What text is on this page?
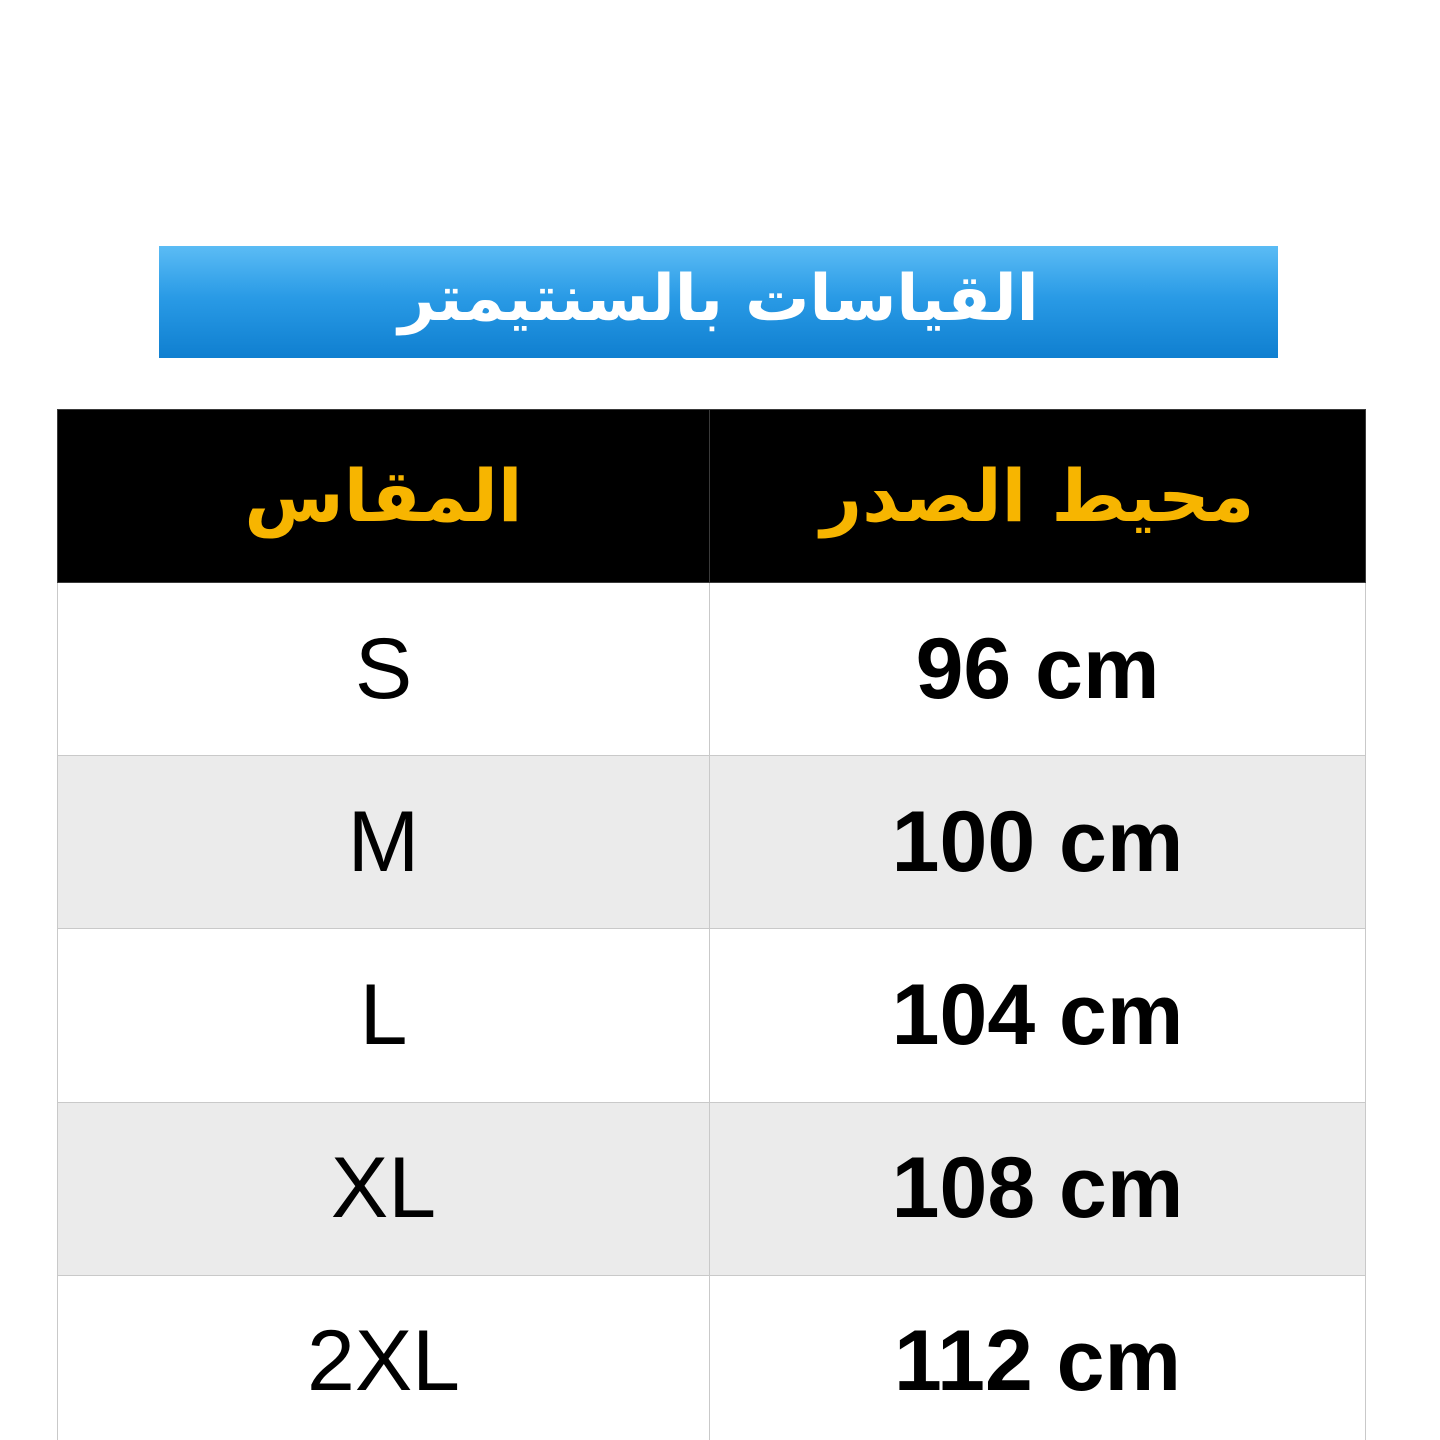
القياسات بالسنتيمتر
المقاس	محيط الصدر
S	96 cm
M	100 cm
L	104 cm
XL	108 cm
2XL	112 cm
